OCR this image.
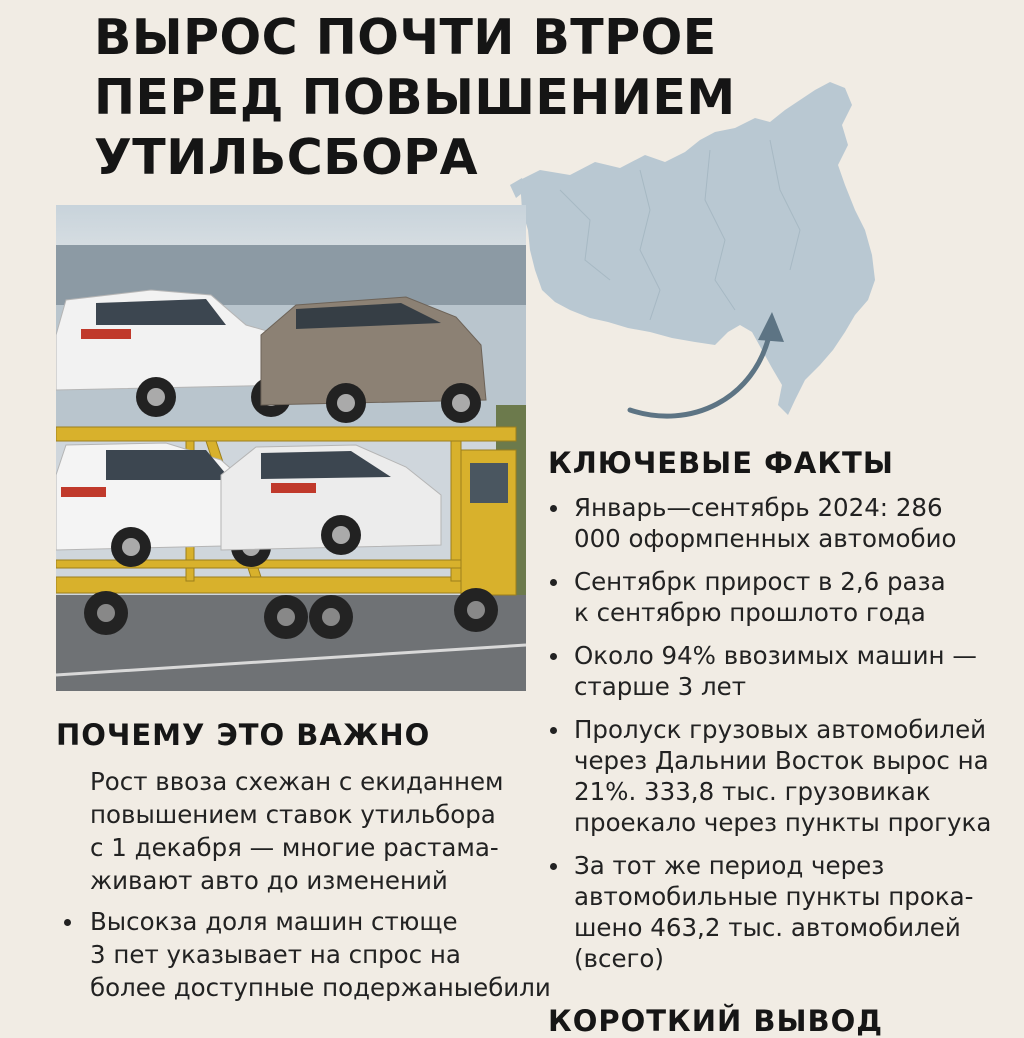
ВЫРОС ПОЧТИ ВТРОЕ
ПЕРЕД ПОВЫШЕНИЕМ
УТИЛЬСБОРА
КЛЮЧЕВЫЕ ФАКТЫ
Январь—сентябрь 2024: 286
000 оформпенных автомобио
Сентябрк прирост в 2,6 раза
к сентябрю прошлото года
Около 94% ввозимых машин —
старше 3 лет
Пролуск грузовых автомобилей
через Дальнии Восток вырос на
21%. 333,8 тыс. грузовикак
проекало через пункты прогука
За тот же период через
автомобильные пункты прока-
шено 463,2 тыс. автомобилей
(всего)
КОРОТКИЙ ВЫВОД
ПОЧЕМУ ЭТО ВАЖНО

Рост ввоза схежан с екиданнем
повышением ставок утильбора
с 1 декабря — многие растама-
живают авто до изменений

Высокза доля машин стюще
3 пет указывает на спрос на
более доступные подержаныебили
